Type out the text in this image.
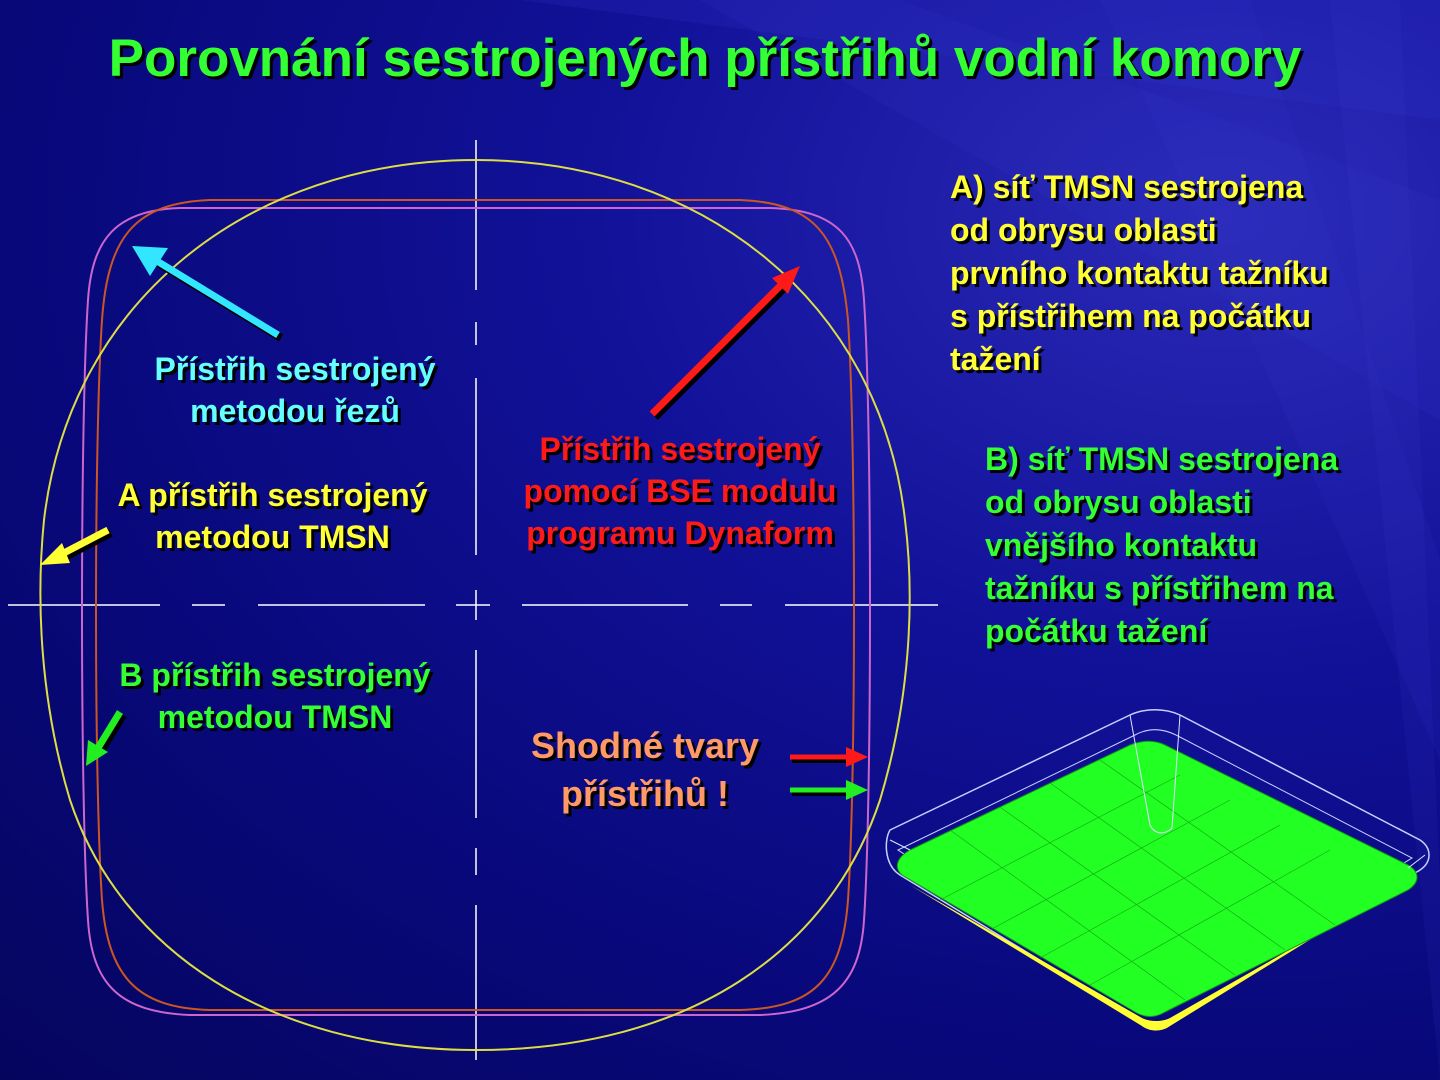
Porovnání sestrojených přístřihů vodní komory
Přístřih sestrojený
metodou řezů
A přístřih sestrojený
metodou TMSN
B přístřih sestrojený
metodou TMSN
Přístřih sestrojený
pomocí BSE modulu
programu Dynaform
Shodné tvary
přístřihů !
A) síť TMSN sestrojena
od obrysu oblasti
prvního kontaktu tažníku
s přístřihem na počátku
tažení
B) síť TMSN sestrojena
od obrysu oblasti
vnějšího kontaktu
tažníku s přístřihem na
počátku tažení
